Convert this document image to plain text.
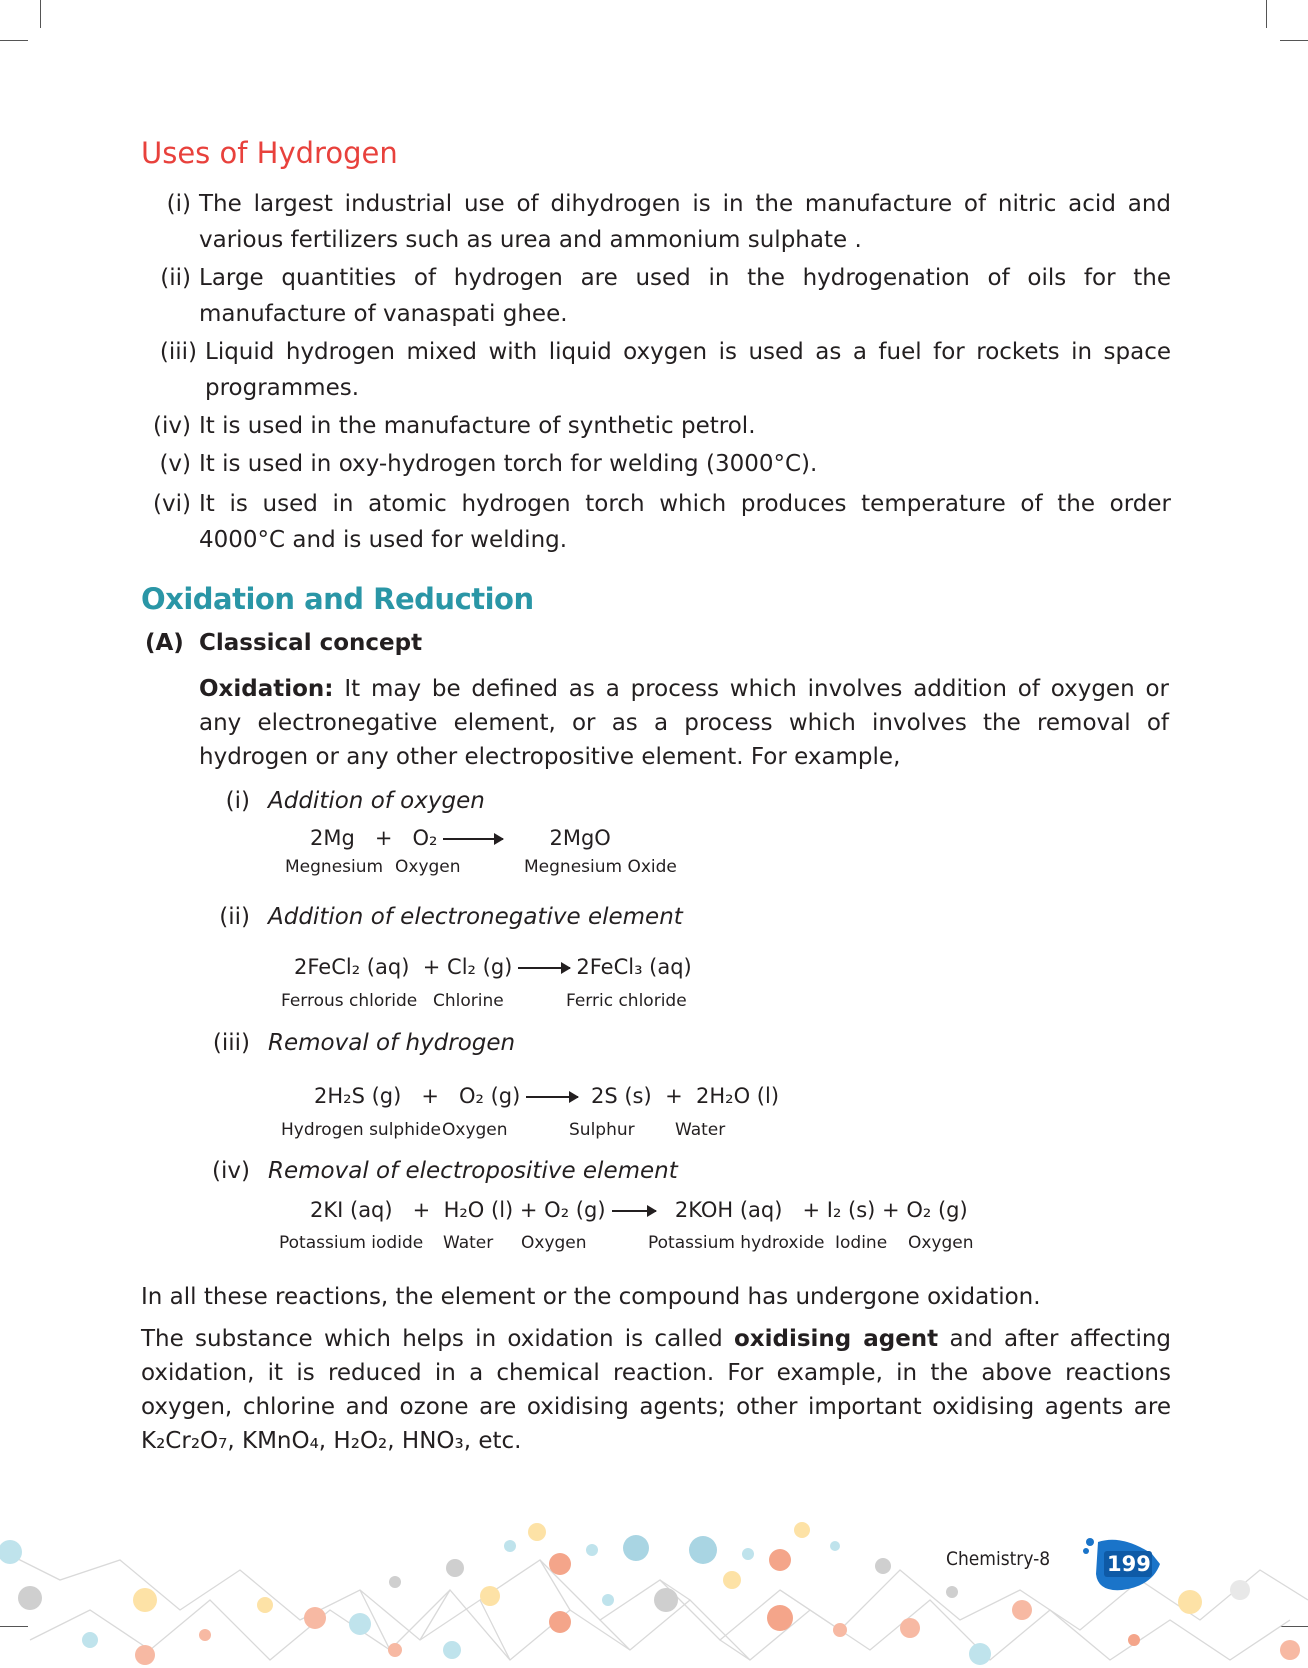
Uses of Hydrogen
(i) The largest industrial use of dihydrogen is in the manufacture of nitric acid and various fertilizers such as urea and ammonium sulphate .
(ii) Large quantities of hydrogen are used in the hydrogenation of oils for the manufacture of vanaspati ghee.
(iii) Liquid hydrogen mixed with liquid oxygen is used as a fuel for rockets in space programmes.
(iv) It is used in the manufacture of synthetic petrol.
(v) It is used in oxy-hydrogen torch for welding (3000°C).
(vi) It is used in atomic hydrogen torch which produces temperature of the order 4000°C and is used for welding.
Oxidation and Reduction
(A) Classical concept
Oxidation: It may be defined as a process which involves addition of oxygen or any electronegative element, or as a process which involves the removal of hydrogen or any other electropositive element. For example,
(i) Addition of oxygen
2Mg + O₂ → 2MgO
Megnesium Oxygen	Megnesium Oxide
(ii) Addition of electronegative element
2FeCl₂ (aq) + Cl₂ (g) → 2FeCl₃ (aq)
Ferrous chloride Chlorine	Ferric chloride
(iii) Removal of hydrogen
2H₂S (g) + O₂ (g) → 2S (s) + 2H₂O (l)
Hydrogen sulphide Oxygen	Sulphur Water
(iv) Removal of electropositive element
2KI (aq) + H₂O (l) + O₂ (g) → 2KOH (aq) + I₂ (s) + O₂ (g)
Potassium iodide Water Oxygen	Potassium hydroxide Iodine Oxygen

In all these reactions, the element or the compound has undergone oxidation.

The substance which helps in oxidation is called oxidising agent and after affecting oxidation, it is reduced in a chemical reaction. For example, in the above reactions oxygen, chlorine and ozone are oxidising agents; other important oxidising agents are K₂Cr₂O₇, KMnO₄, H₂O₂, HNO₃, etc.

Chemistry-8	199
